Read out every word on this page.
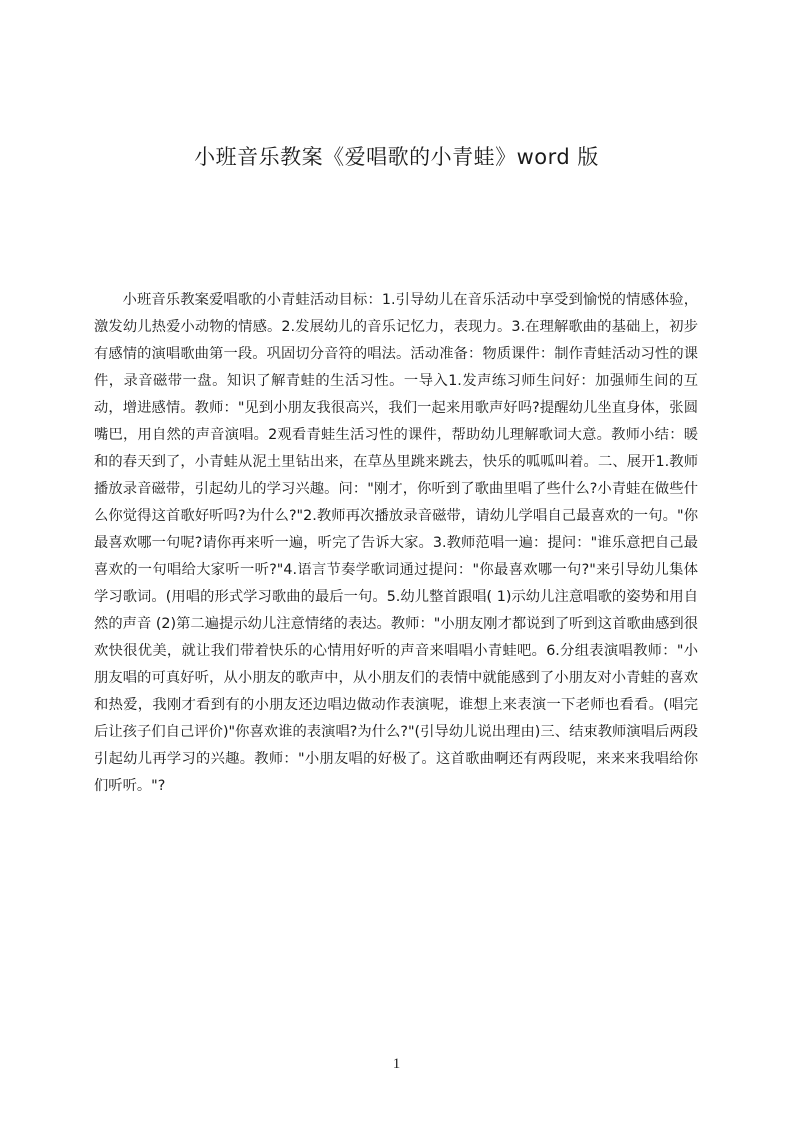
小班音乐教案《爱唱歌的小青蛙》word 版

小班音乐教案爱唱歌的小青蛙活动目标：1.引导幼儿在音乐活动中享受到愉悦的情感体验，激发幼儿热爱小动物的情感。2.发展幼儿的音乐记忆力，表现力。3.在理解歌曲的基础上，初步有感情的演唱歌曲第一段。巩固切分音符的唱法。活动准备：物质课件：制作青蛙活动习性的课件，录音磁带一盘。知识了解青蛙的生活习性。一导入1.发声练习师生问好：加强师生间的互动，增进感情。教师："见到小朋友我很高兴，我们一起来用歌声好吗?提醒幼儿坐直身体，张圆嘴巴，用自然的声音演唱。2观看青蛙生活习性的课件，帮助幼儿理解歌词大意。教师小结：暖和的春天到了，小青蛙从泥土里钻出来，在草丛里跳来跳去，快乐的呱呱叫着。二、展开1.教师播放录音磁带，引起幼儿的学习兴趣。问："刚才，你听到了歌曲里唱了些什么?小青蛙在做些什么你觉得这首歌好听吗?为什么?"2.教师再次播放录音磁带，请幼儿学唱自己最喜欢的一句。"你最喜欢哪一句呢?请你再来听一遍，听完了告诉大家。3.教师范唱一遍：提问："谁乐意把自己最喜欢的一句唱给大家听一听?"4.语言节奏学歌词通过提问："你最喜欢哪一句?"来引导幼儿集体学习歌词。(用唱的形式学习歌曲的最后一句。5.幼儿整首跟唱( 1)示幼儿注意唱歌的姿势和用自然的声音 (2)第二遍提示幼儿注意情绪的表达。教师："小朋友刚才都说到了听到这首歌曲感到很欢快很优美，就让我们带着快乐的心情用好听的声音来唱唱小青蛙吧。6.分组表演唱教师："小朋友唱的可真好听，从小朋友的歌声中，从小朋友们的表情中就能感到了小朋友对小青蛙的喜欢和热爱，我刚才看到有的小朋友还边唱边做动作表演呢，谁想上来表演一下老师也看看。(唱完后让孩子们自己评价)"你喜欢谁的表演唱?为什么?"(引导幼儿说出理由)三、结束教师演唱后两段引起幼儿再学习的兴趣。教师："小朋友唱的好极了。这首歌曲啊还有两段呢，来来来我唱给你们听听。"?

1
